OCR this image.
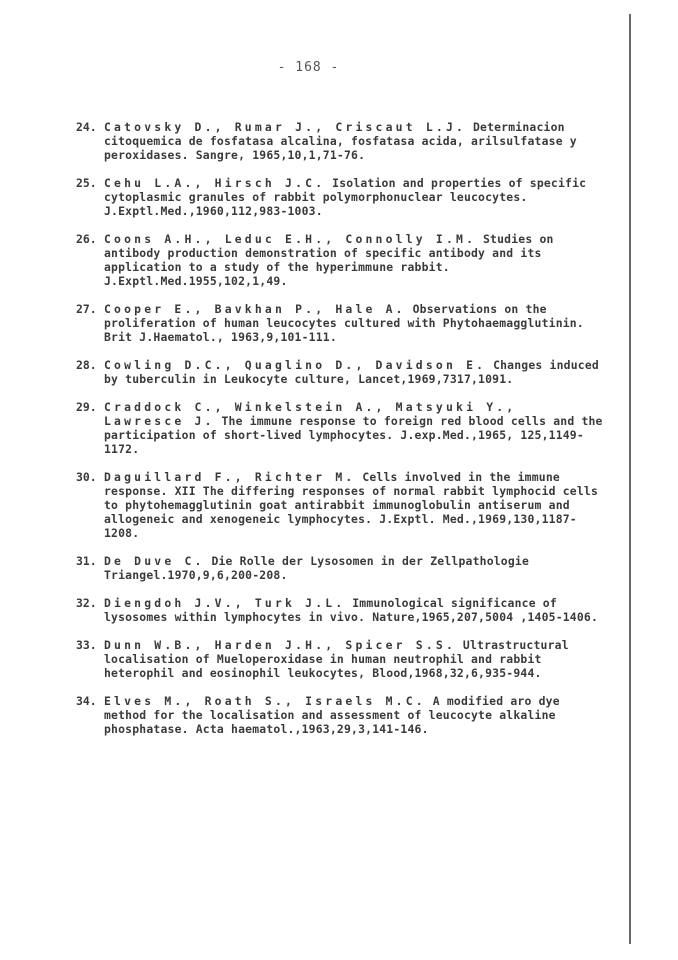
- 168 -
24. Catovsky D., Rumar J., Criscaut L.J. Determinacion citoquemica de fosfatasa alcalina, fosfatasa acida, arilsulfatase y peroxidases. Sangre, 1965,10,1,71-76.
25. Cehu L.A., Hirsch J.C. Isolation and properties of specific cytoplasmic granules of rabbit polymorphonuclear leucocytes. J.Exptl.Med.,1960,112,983-1003.
26. Coons A.H., Leduc E.H., Connolly I.M. Studies on antibody production demonstration of specific antibody and its application to a study of the hyperimmune rabbit. J.Exptl.Med.1955,102,1,49.
27. Cooper E., Bavkhan P., Hale A. Observations on the proliferation of human leucocytes cultured with Phytohaemagglutinin. Brit J.Haematol., 1963,9,101-111.
28. Cowling D.C., Quaglino D., Davidson E. Changes induced by tuberculin in Leukocyte culture, Lancet,1969,7317,1091.
29. Craddock C., Winkelstein A., Matsyuki Y., Lawresce J. The immune response to foreign red blood cells and the participation of short-lived lymphocytes. J.exp.Med.,1965, 125,1149-1172.
30. Daguillard F., Richter M. Cells involved in the immune response. XII The differing responses of normal rabbit lymphocid cells to phytohemagglutinin goat antirabbit immunoglobulin antiserum and allogeneic and xenogeneic lymphocytes. J.Exptl. Med.,1969,130,1187-1208.
31. De Duve C. Die Rolle der Lysosomen in der Zellpathologie Triangel.1970,9,6,200-208.
32. Diengdoh J.V., Turk J.L. Immunological significance of lysosomes within lymphocytes in vivo. Nature,1965,207,5004 ,1405-1406.
33. Dunn W.B., Harden J.H., Spicer S.S. Ultrastructural localisation of Mueloperoxidase in human neutrophil and rabbit heterophil and eosinophil leukocytes, Blood,1968,32,6,935-944.
34. Elves M., Roath S., Israels M.C. A modified aro dye method for the localisation and assessment of leucocyte alkaline phosphatase. Acta haematol.,1963,29,3,141-146.
